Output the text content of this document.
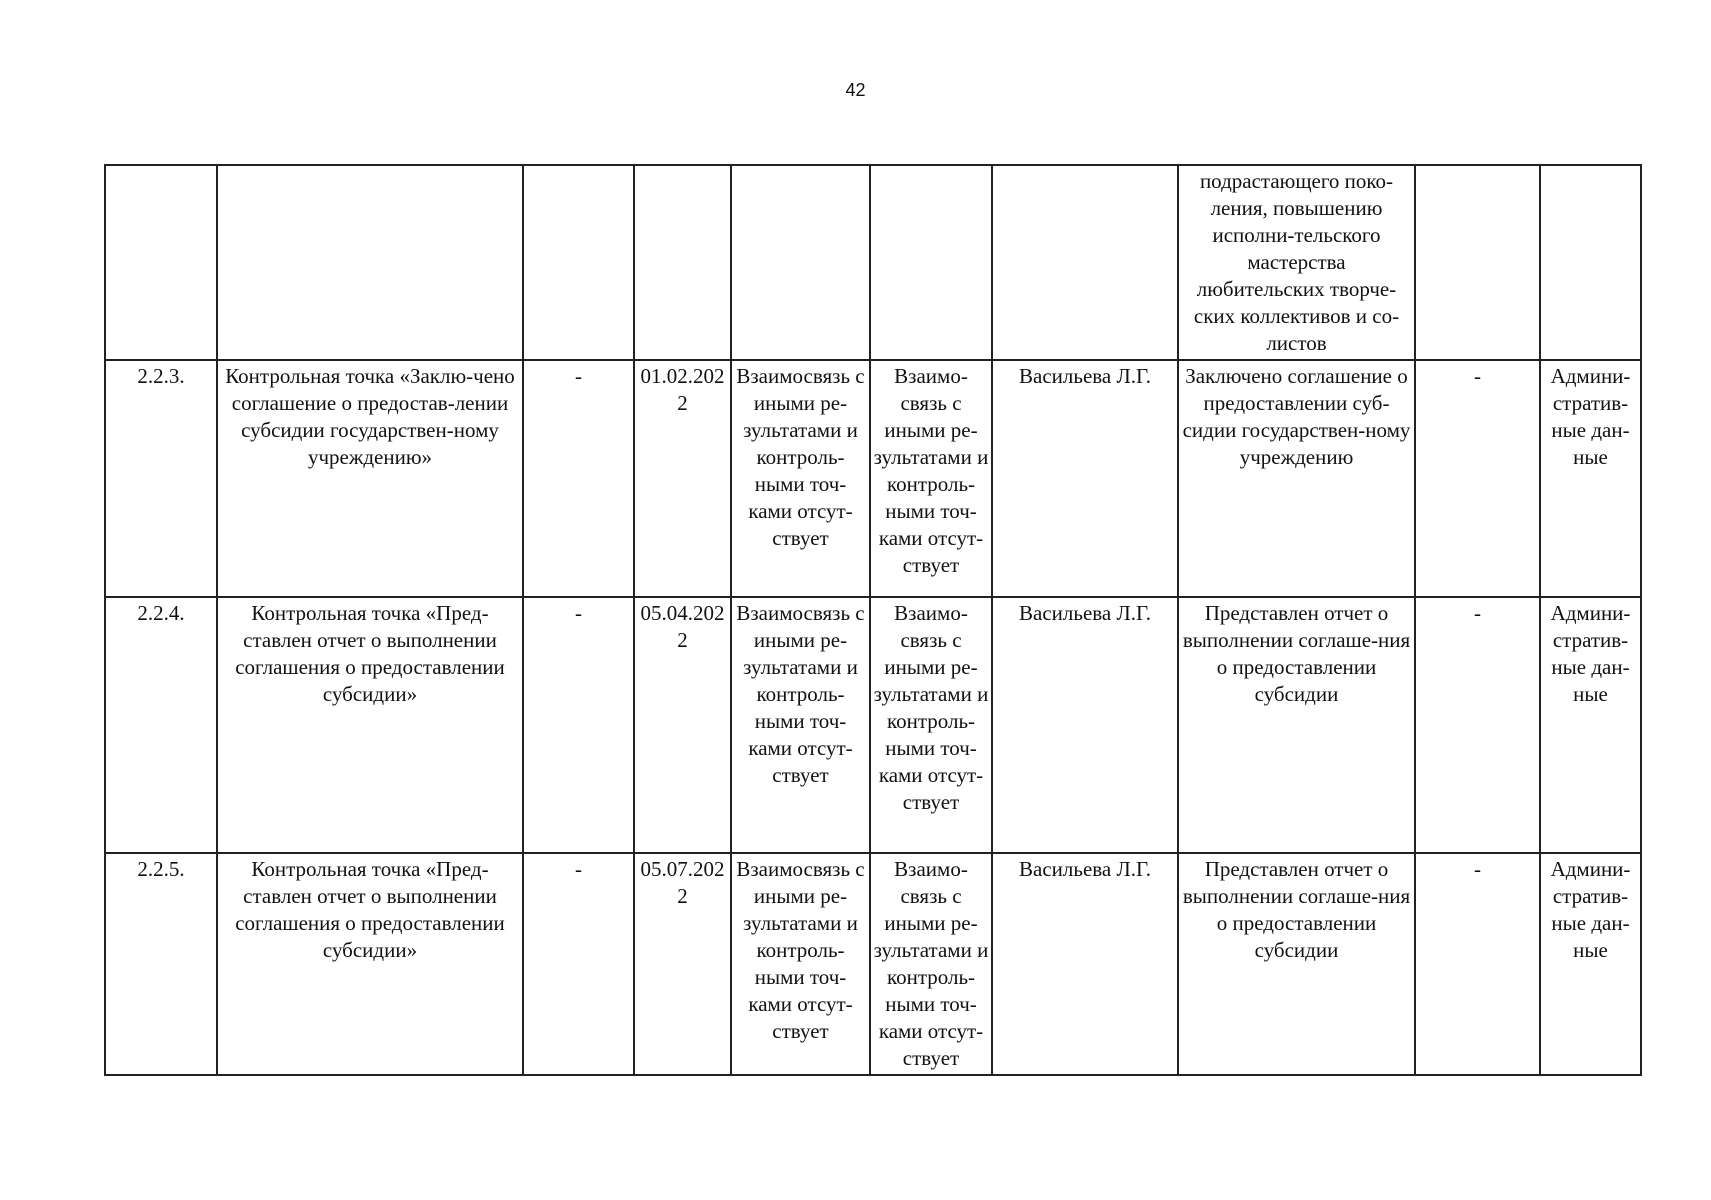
42
							подрастающего поко-ления, повышению исполни-тельского мастерства любительских творче-ских коллективов и со-листов		
2.2.3.	Контрольная точка «Заклю-чено соглашение о предостав-лении субсидии государствен-ному учреждению»	-	01.02.2022	Взаимосвязь с иными ре-зультатами и контроль-ными точ-ками отсут-ствует	Взаимо-связь с иными ре-зультатами и контроль-ными точ-ками отсут-ствует	Васильева Л.Г.	Заключено соглашение о предоставлении суб-сидии государствен-ному учреждению	-	Админи-стратив-ные дан-ные
2.2.4.	Контрольная точка «Пред-ставлен отчет о выполнении соглашения о предоставлении субсидии»	-	05.04.2022	Взаимосвязь с иными ре-зультатами и контроль-ными точ-ками отсут-ствует	Взаимо-связь с иными ре-зультатами и контроль-ными точ-ками отсут-ствует	Васильева Л.Г.	Представлен отчет о выполнении соглаше-ния о предоставлении субсидии	-	Админи-стратив-ные дан-ные
2.2.5.	Контрольная точка «Пред-ставлен отчет о выполнении соглашения о предоставлении субсидии»	-	05.07.2022	Взаимосвязь с иными ре-зультатами и контроль-ными точ-ками отсут-ствует	Взаимо-связь с иными ре-зультатами и контроль-ными точ-ками отсут-ствует	Васильева Л.Г.	Представлен отчет о выполнении соглаше-ния о предоставлении субсидии	-	Админи-стратив-ные дан-ные
